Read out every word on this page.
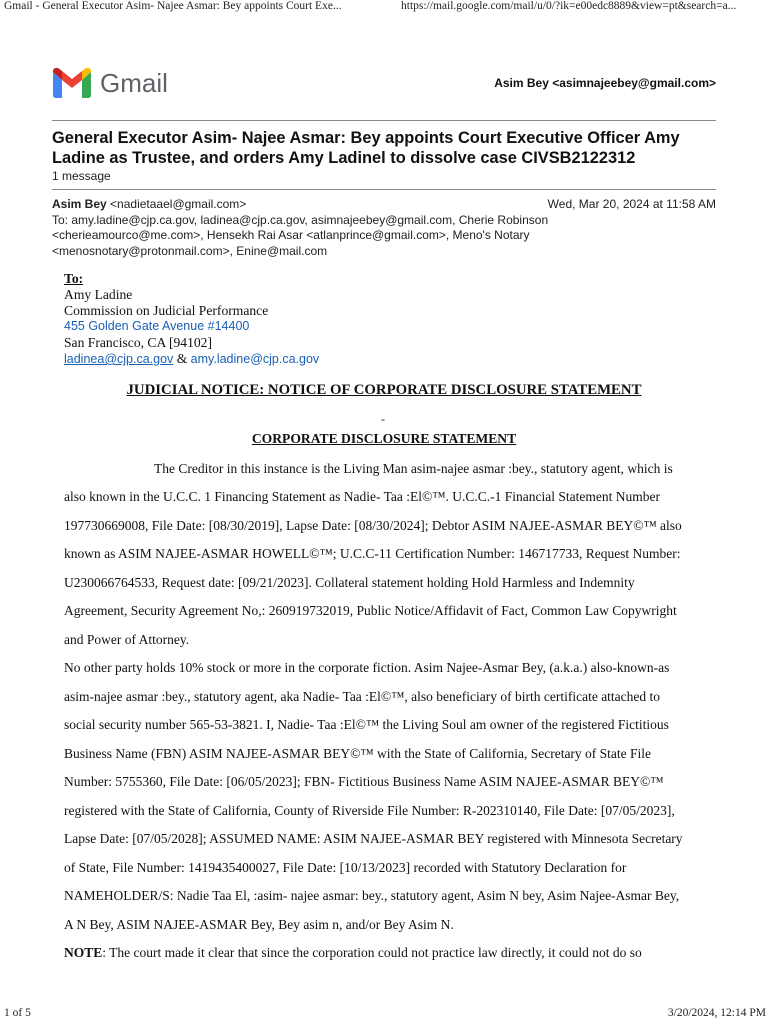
Gmail - General Executor Asim- Najee Asmar: Bey appoints Court Exe...	https://mail.google.com/mail/u/0/?ik=e00edc8889&view=pt&search=a...
Gmail	Asim Bey <asimnajeebey@gmail.com>
General Executor Asim- Najee Asmar: Bey appoints Court Executive Officer Amy
Ladine as Trustee, and orders Amy Ladinel to dissolve case CIVSB2122312
1 message
Asim Bey <nadietaael@gmail.com>	Wed, Mar 20, 2024 at 11:58 AM
To: amy.ladine@cjp.ca.gov, ladinea@cjp.ca.gov, asimnajeebey@gmail.com, Cherie Robinson
<cherieamourco@me.com>, Hensekh Rai Asar <atlanprince@gmail.com>, Meno's Notary
<menosnotary@protonmail.com>, Enine@mail.com
To:
Amy Ladine
Commission on Judicial Performance
455 Golden Gate Avenue #14400
San Francisco, CA [94102]
ladinea@cjp.ca.gov & amy.ladine@cjp.ca.gov
JUDICIAL NOTICE: NOTICE OF CORPORATE DISCLOSURE STATEMENT
-
CORPORATE DISCLOSURE STATEMENT
The Creditor in this instance is the Living Man asim-najee asmar :bey., statutory agent, which is
also known in the U.C.C. 1 Financing Statement as Nadie- Taa :El©™. U.C.C.-1 Financial Statement Number
197730669008, File Date: [08/30/2019], Lapse Date: [08/30/2024]; Debtor ASIM NAJEE-ASMAR BEY©™ also
known as ASIM NAJEE-ASMAR HOWELL©™; U.C.C-11 Certification Number: 146717733, Request Number:
U230066764533, Request date: [09/21/2023]. Collateral statement holding Hold Harmless and Indemnity
Agreement, Security Agreement No,: 260919732019, Public Notice/Affidavit of Fact, Common Law Copywright
and Power of Attorney.
No other party holds 10% stock or more in the corporate fiction. Asim Najee-Asmar Bey, (a.k.a.) also-known-as
asim-najee asmar :bey., statutory agent, aka Nadie- Taa :El©™, also beneficiary of birth certificate attached to
social security number 565-53-3821. I, Nadie- Taa :El©™ the Living Soul am owner of the registered Fictitious
Business Name (FBN) ASIM NAJEE-ASMAR BEY©™ with the State of California, Secretary of State File
Number: 5755360, File Date: [06/05/2023]; FBN- Fictitious Business Name ASIM NAJEE-ASMAR BEY©™
registered with the State of California, County of Riverside File Number: R-202310140, File Date: [07/05/2023],
Lapse Date: [07/05/2028]; ASSUMED NAME: ASIM NAJEE-ASMAR BEY registered with Minnesota Secretary
of State, File Number: 1419435400027, File Date: [10/13/2023] recorded with Statutory Declaration for
NAMEHOLDER/S: Nadie Taa El, :asim- najee asmar: bey., statutory agent, Asim N bey, Asim Najee-Asmar Bey,
A N Bey, ASIM NAJEE-ASMAR Bey, Bey asim n, and/or Bey Asim N.
NOTE: The court made it clear that since the corporation could not practice law directly, it could not do so
1 of 5	3/20/2024, 12:14 PM
